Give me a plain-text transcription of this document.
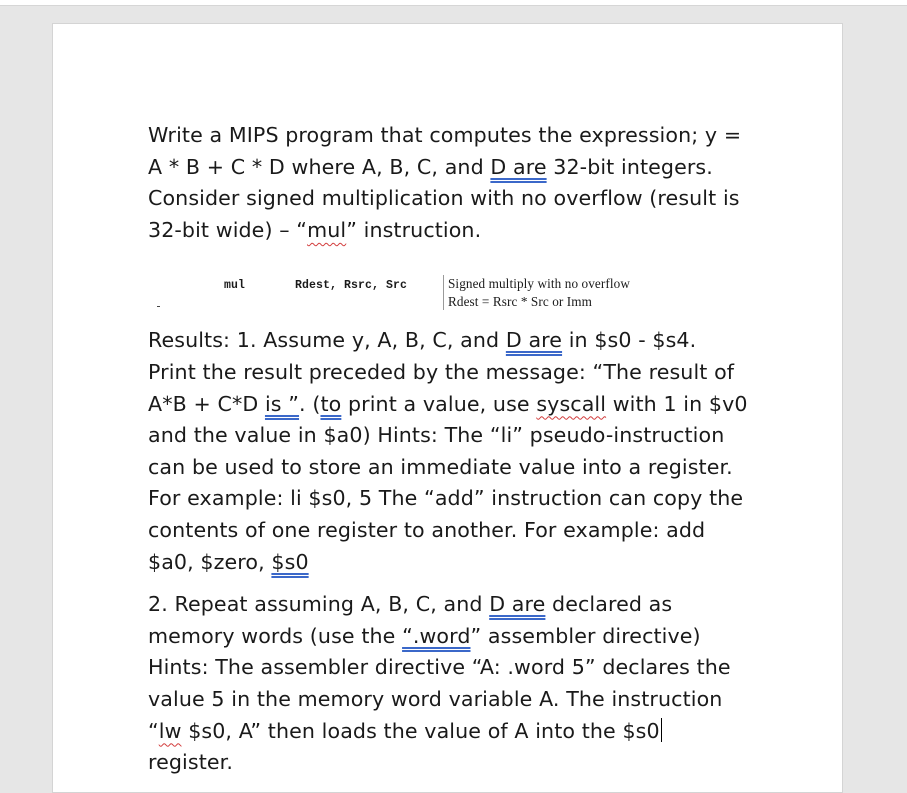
Write a MIPS program that computes the expression; y = A * B + C * D where A, B, C, and D are 32-bit integers. Consider signed multiplication with no overflow (result is 32-bit wide) – “mul” instruction.

mul	Rdest, Rsrc, Src	Signed multiply with no overflow
Rdest = Rsrc * Src or Imm

Results: 1. Assume y, A, B, C, and D are in $s0 - $s4. Print the result preceded by the message: “The result of A*B + C*D is ”. (to print a value, use syscall with 1 in $v0 and the value in $a0) Hints: The “li” pseudo-instruction can be used to store an immediate value into a register. For example: li $s0, 5 The “add” instruction can copy the contents of one register to another. For example: add $a0, $zero, $s0

2. Repeat assuming A, B, C, and D are declared as memory words (use the “.word” assembler directive) Hints: The assembler directive “A: .word 5” declares the value 5 in the memory word variable A. The instruction “lw $s0, A” then loads the value of A into the $s0register.
